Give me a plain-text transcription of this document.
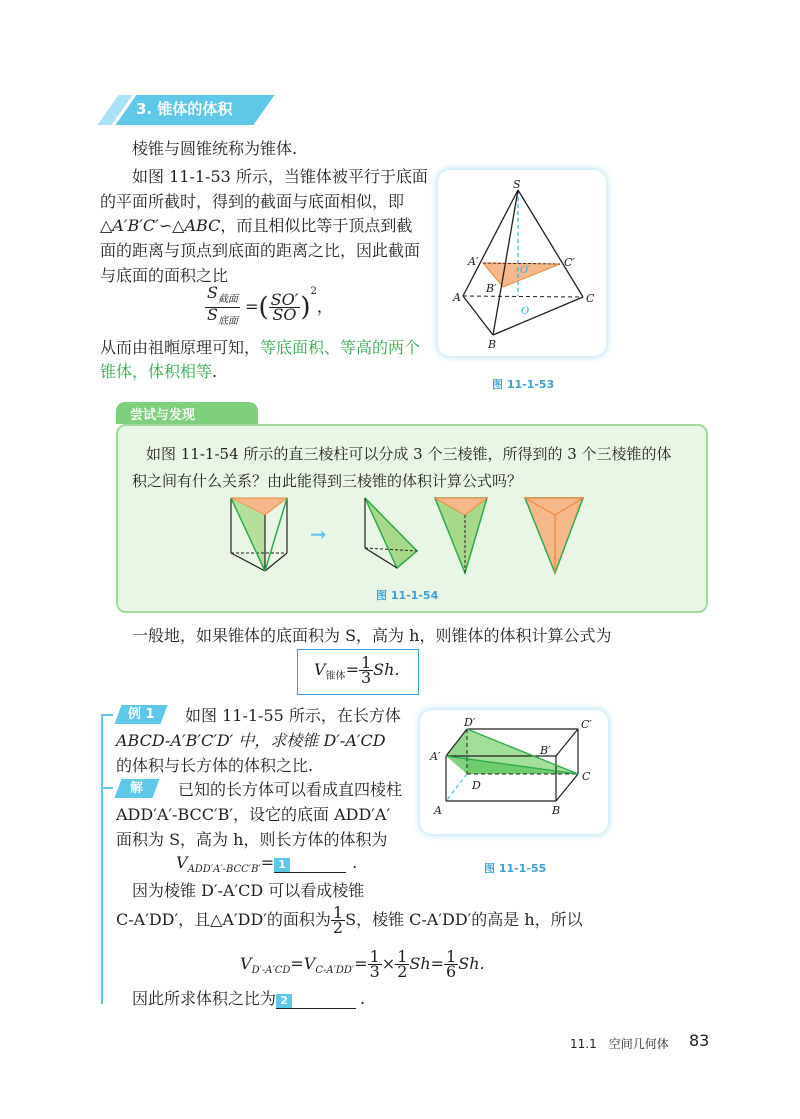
3. 锥体的体积
棱锥与圆锥统称为锥体.
如图 11-1-53 所示，当锥体被平行于底面
的平面所截时，得到的截面与底面相似，即
△A′B′C′∽△ABC，而且相似比等于顶点到截
面的距离与顶点到底面的距离之比，因此截面
与底面的面积之比
$\frac{S_{截面}}{S_{底面}}$ =( $\frac{SO'}{SO} )^2$，
从而由祖暅原理可知，等底面积、等高的两个
锥体，体积相等.
S
A′	C′
O′
B′
A	C
O
B
图 11-1-53
尝试与发现
如图 11-1-54 所示的直三棱柱可以分成 3 个三棱锥，所得到的 3 个三棱锥的体
积之间有什么关系？由此能得到三棱锥的体积计算公式吗？
➞
图 11-1-54
一般地，如果锥体的底面积为 S，高为 h，则锥体的体积计算公式为
$V_{锥体}= \frac{1}{3} Sh$.
例 1	如图 11-1-55 所示，在长方体
ABCD-A′B′C′D′ 中，求棱锥 D′-A′CD
的体积与长方体的体积之比.
解	已知的长方体可以看成直四棱柱
ADD′A′-BCC′B′，设它的底面 ADD′A′
面积为 S，高为 h，则长方体的体积为
$V_{ADD'A'-BCC'B'}= 1$	.
因为棱锥 D′-A′CD 可以看成棱锥
C-A′DD′，且△A′DD′的面积为 $\frac{1}{2}$ S，棱锥 C-A′DD′的高是 h，所以
$V_{D'-A'CD}=V_{C-A'DD'}= \frac{1}{3} \times \frac{1}{2} Sh= \frac{1}{6} Sh$.
因此所求体积之比为 2	.
D′	C′
A′	B′
D
C
A	B
图 11-1-55
11.1　空间几何体 83
